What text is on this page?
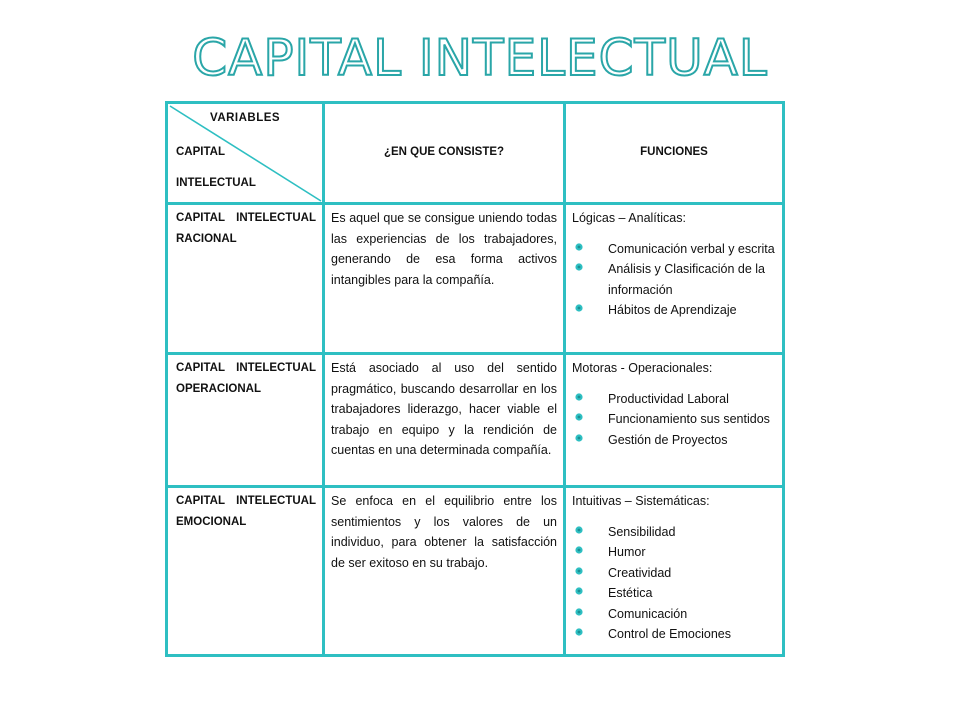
CAPITAL INTELECTUAL
VARIABLES
CAPITAL
INTELECTUAL
¿EN QUE CONSISTE?	FUNCIONES
CAPITAL INTELECTUAL RACIONAL
Es aquel que se consigue uniendo todas las experiencias de los trabajadores, generando de esa forma activos intangibles para la compañía.
Lógicas – Analíticas:
Comunicación verbal y escrita
Análisis y Clasificación de la información
Hábitos de Aprendizaje
CAPITAL INTELECTUAL OPERACIONAL
Está asociado al uso del sentido pragmático, buscando desarrollar en los trabajadores liderazgo, hacer viable el trabajo en equipo y la rendición de cuentas en una determinada compañía.
Motoras - Operacionales:
Productividad Laboral
Funcionamiento sus sentidos
Gestión de Proyectos
CAPITAL INTELECTUAL EMOCIONAL
Se enfoca en el equilibrio entre los sentimientos y los valores de un individuo, para obtener la satisfacción de ser exitoso en su trabajo.
Intuitivas – Sistemáticas:
Sensibilidad
Humor
Creatividad
Estética
Comunicación
Control de Emociones
